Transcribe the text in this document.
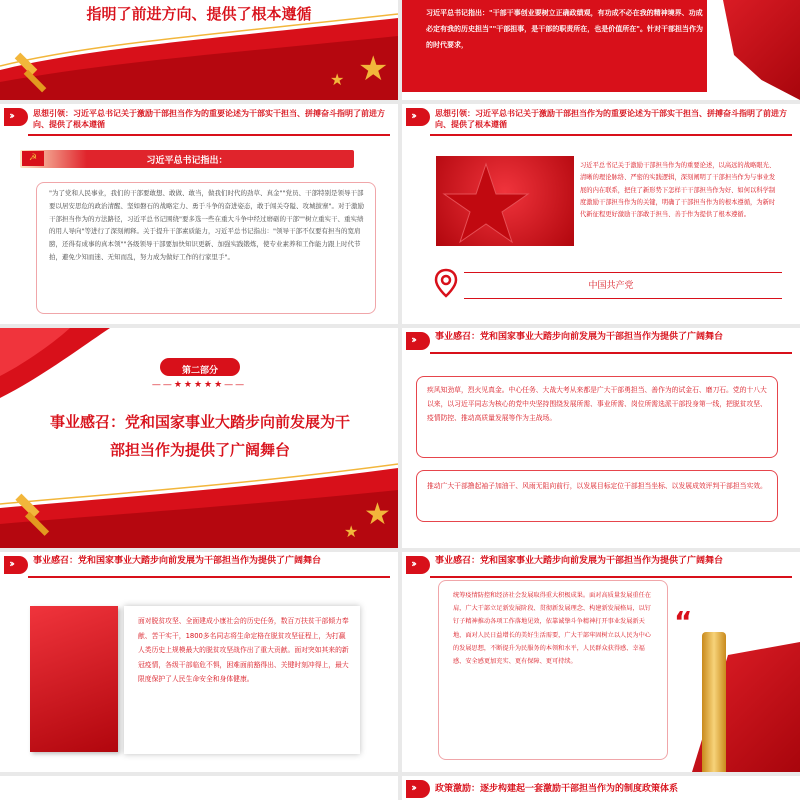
指明了前进方向、提供了根本遵循
★
★
习近平总书记指出："干部干事创业要树立正确政绩观，有功成不必在我的精神境界、功成必定有我的历史担当""干部担事，是干部的职责所在，也是价值所在"。针对干部担当作为的时代要求，
››	思想引领：习近平总书记关于激励干部担当作为的重要论述为干部实干担当、拼搏奋斗指明了前进方向、提供了根本遵循
☭	习近平总书记指出：
"为了党和人民事业，我们的干部要敢想、敢做、敢当，做我们时代的劲草、真金""党员、干部特别是领导干部要以居安思危的政治清醒、坚如磐石的战略定力、勇于斗争的奋进姿态，敢于闯关夺隘、攻城拔寨"。对于激励干部担当作为的方法路径，习近平总书记围绕"要多选一些在重大斗争中经过磨砺的干部""树立重实干、重实绩的用人导向"等进行了深刻阐释。关于提升干部素质能力，习近平总书记指出："领导干部不仅要有担当的宽肩膀，还得有成事的真本领""各级领导干部要加快知识更新、加强实践锻炼，使专业素养和工作能力跟上时代节拍，避免少知而迷、无知而乱，努力成为做好工作的行家里手"。
››	思想引领：习近平总书记关于激励干部担当作为的重要论述为干部实干担当、拼搏奋斗指明了前进方向、提供了根本遵循
习近平总书记关于激励干部担当作为的重要论述，以高远的战略眼光、清晰的理论脉络、严密的实践逻辑，深刻阐明了干部担当作为与事业发展的内在联系，把住了新形势下怎样干干部担当作为好、如何以科学制度激励干部担当作为的关键，明确了干部担当作为的根本遵循，为新时代新征程更好激励干部敢于担当、善于作为提供了根本遵循。
中国共产党
第二部分
——★★★★★——
事业感召：党和国家事业大踏步向前发展为干部担当作为提供了广阔舞台
★
★
›› 事业感召：党和国家事业大踏步向前发展为干部担当作为提供了广阔舞台
疾风知劲草，烈火见真金。中心任务、大战大考从来都是广大干部勇担当、善作为的试金石、磨刀石。党的十八大以来，以习近平同志为核心的党中央坚持围绕发展所需、事业所需、岗位所需选派干部投身第一线，把脱贫攻坚、疫情防控、推动高质量发展等作为主战场。
推动广大干部撸起袖子加油干、风雨无阻向前行，以发展目标定位干部担当坐标、以发展成效评判干部担当实效。
›› 事业感召：党和国家事业大踏步向前发展为干部担当作为提供了广阔舞台
面对脱贫攻坚、全面建成小康社会的历史任务，数百万扶贫干部倾力奉献、苦干实干，1800多名同志将生命定格在脱贫攻坚征程上，为打赢人类历史上规模最大的脱贫攻坚战作出了重大贡献。面对突如其来的新冠疫情，各级干部临危不惧，困难面前豁得出、关键时刻冲得上，最大限度保护了人民生命安全和身体健康。
›› 事业感召：党和国家事业大踏步向前发展为干部担当作为提供了广阔舞台
统筹疫情防控和经济社会发展取得重大积极成果。面对高质量发展重任在肩，广大干部立足新发展阶段、贯彻新发展理念、构建新发展格局，以钉钉子精神推动各项工作落地见效，依靠诚挚斗争精神打开事业发展新天地，面对人民日益增长的美好生活需要，广大干部牢固树立以人民为中心的发展思想，不断提升为民服务的本领和水平，人民群众获得感、幸福感、安全感更加充实、更有保障、更可持续。
“
›› 政策激励：逐步构建起一套激励干部担当作为的制度政策体系
